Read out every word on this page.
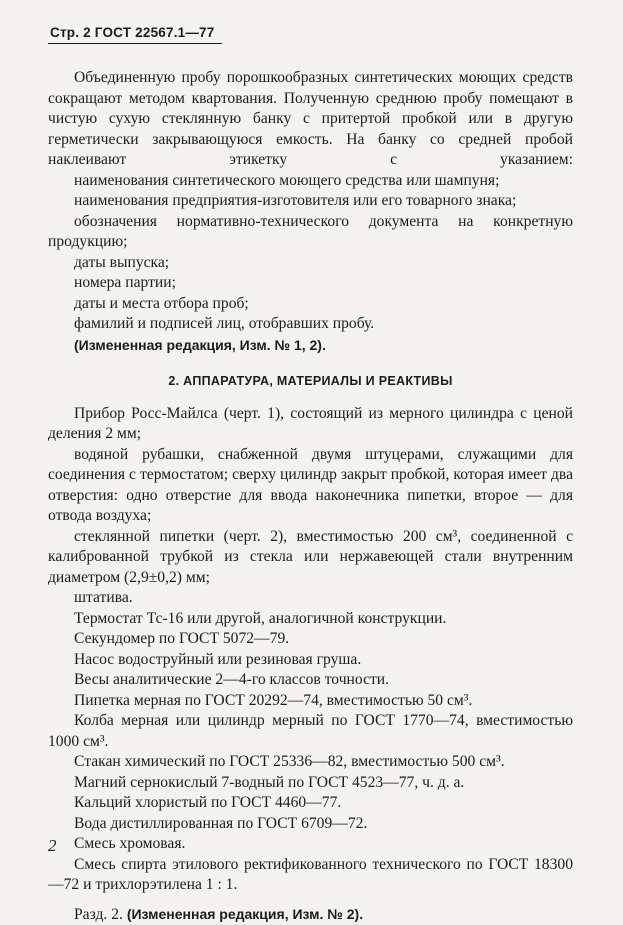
Стр. 2 ГОСТ 22567.1—77
Объединенную пробу порошкообразных синтетических моющих средств сокращают методом квартования. Полученную среднюю пробу помещают в чистую сухую стеклянную банку с притертой пробкой или в другую герметически закрывающуюся емкость. На банку со средней пробой наклеивают этикетку с указанием:
наименования синтетического моющего средства или шампуня;
наименования предприятия-изготовителя или его товарного знака;
обозначения нормативно-технического документа на конкретную продукцию;
даты выпуска;
номера партии;
даты и места отбора проб;
фамилий и подписей лиц, отобравших пробу.
(Измененная редакция, Изм. № 1, 2).
2. АППАРАТУРА, МАТЕРИАЛЫ И РЕАКТИВЫ
Прибор Росс-Майлса (черт. 1), состоящий из мерного цилиндра с ценой деления 2 мм;
водяной рубашки, снабженной двумя штуцерами, служащими для соединения с термостатом; сверху цилиндр закрыт пробкой, которая имеет два отверстия: одно отверстие для ввода наконечника пипетки, второе — для отвода воздуха;
стеклянной пипетки (черт. 2), вместимостью 200 см³, соединенной с калиброванной трубкой из стекла или нержавеющей стали внутренним диаметром (2,9±0,2) мм;
штатива.
Термостат Тс-16 или другой, аналогичной конструкции.
Секундомер по ГОСТ 5072—79.
Насос водоструйный или резиновая груша.
Весы аналитические 2—4-го классов точности.
Пипетка мерная по ГОСТ 20292—74, вместимостью 50 см³.
Колба мерная или цилиндр мерный по ГОСТ 1770—74, вместимостью 1000 см³.
Стакан химический по ГОСТ 25336—82, вместимостью 500 см³.
Магний сернокислый 7-водный по ГОСТ 4523—77, ч. д. а.
Кальций хлористый по ГОСТ 4460—77.
Вода дистиллированная по ГОСТ 6709—72.
Смесь хромовая.
Смесь спирта этилового ректификованного технического по ГОСТ 18300—72 и трихлорэтилена 1 : 1.
Разд. 2. (Измененная редакция, Изм. № 2).
2
